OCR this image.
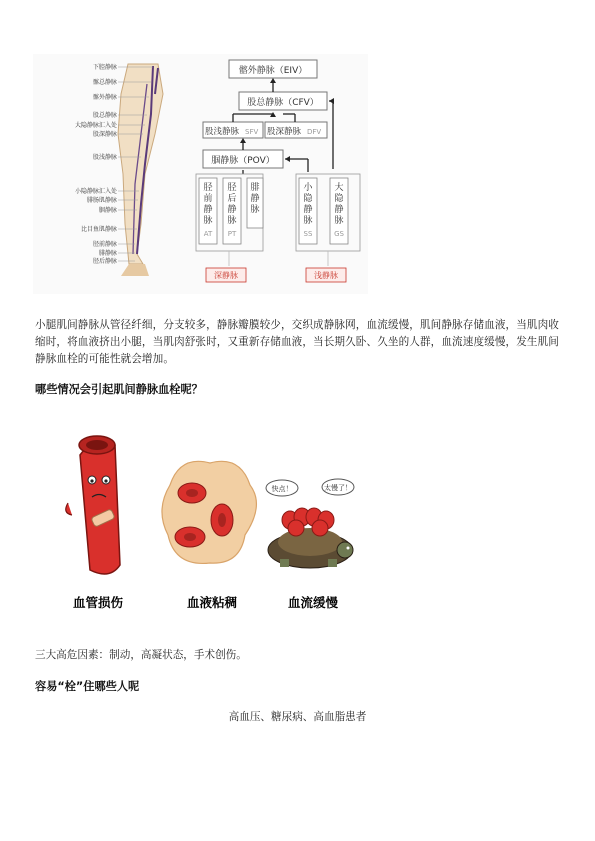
下腔静脉
髂总静脉
髂外静脉
股总静脉
大隐静脉汇入处
股深静脉
股浅静脉
小隐静脉汇入处
腓肠肌静脉
胭静脉
比目鱼肌静脉
胫前静脉
腓静脉
胫后静脉
髂外静脉（EIV）
股总静脉（CFV）
股浅静脉 SFV 股深静脉 DFV
腘静脉（POV）
胫
前
静
脉
AT
胫
后
静
脉
PT
腓
静
脉
深静脉
小
隐
静
脉
SS
大
隐
静
脉
GS
浅静脉

小腿肌间静脉从管径纤细，分支较多，静脉瓣膜较少，交织成静脉网，血流缓慢，肌间静脉存储血液，当肌肉收缩时，将血液挤出小腿，当肌肉舒张时，又重新存储血液，当长期久卧、久坐的人群，血流速度缓慢，发生肌间静脉血栓的可能性就会增加。

哪些情况会引起肌间静脉血栓呢？
血管损伤	血液粘稠
快点！	太慢了！
血流缓慢
三大高危因素：制动，高凝状态，手术创伤。
容易“栓”住哪些人呢
高血压、糖尿病、高血脂患者
